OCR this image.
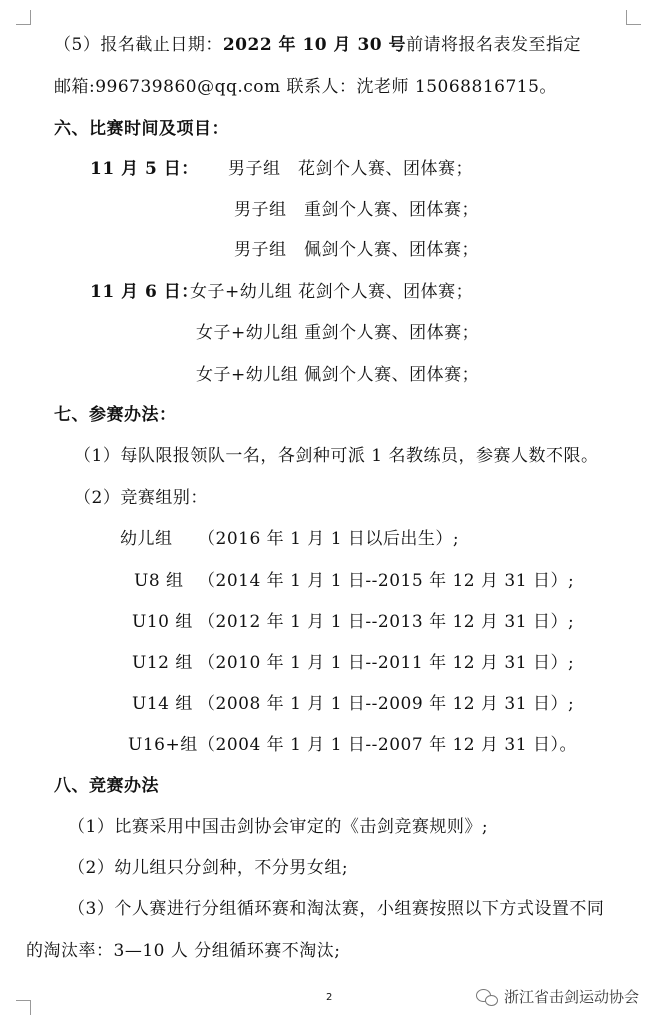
（5）报名截止日期：2022 年 10 月 30 号前请将报名表发至指定
邮箱:996739860@qq.com 联系人：沈老师 15068816715。
六、比赛时间及项目：
11 月 5 日： 男子组　花剑个人赛、团体赛；
男子组　重剑个人赛、团体赛；
男子组　佩剑个人赛、团体赛；
11 月 6 日：
女子+幼儿组 花剑个人赛、团体赛；
女子+幼儿组 重剑个人赛、团体赛；
女子+幼儿组 佩剑个人赛、团体赛；
七、参赛办法：
（1）每队限报领队一名，各剑种可派 1 名教练员，参赛人数不限。
（2）竞赛组别：
幼儿组 （2016 年 1 月 1 日以后出生）;
U8 组 （2014 年 1 月 1 日--2015 年 12 月 31 日）;
U10 组 （2012 年 1 月 1 日--2013 年 12 月 31 日）;
U12 组 （2010 年 1 月 1 日--2011 年 12 月 31 日）;
U14 组 （2008 年 1 月 1 日--2009 年 12 月 31 日）;
U16+组 （2004 年 1 月 1 日--2007 年 12 月 31 日）。
八、竞赛办法
（1）比赛采用中国击剑协会审定的《击剑竞赛规则》;
（2）幼儿组只分剑种，不分男女组;
（3）个人赛进行分组循环赛和淘汰赛，小组赛按照以下方式设置不同
的淘汰率：3—10 人 分组循环赛不淘汰;
2	浙江省击剑运动协会
